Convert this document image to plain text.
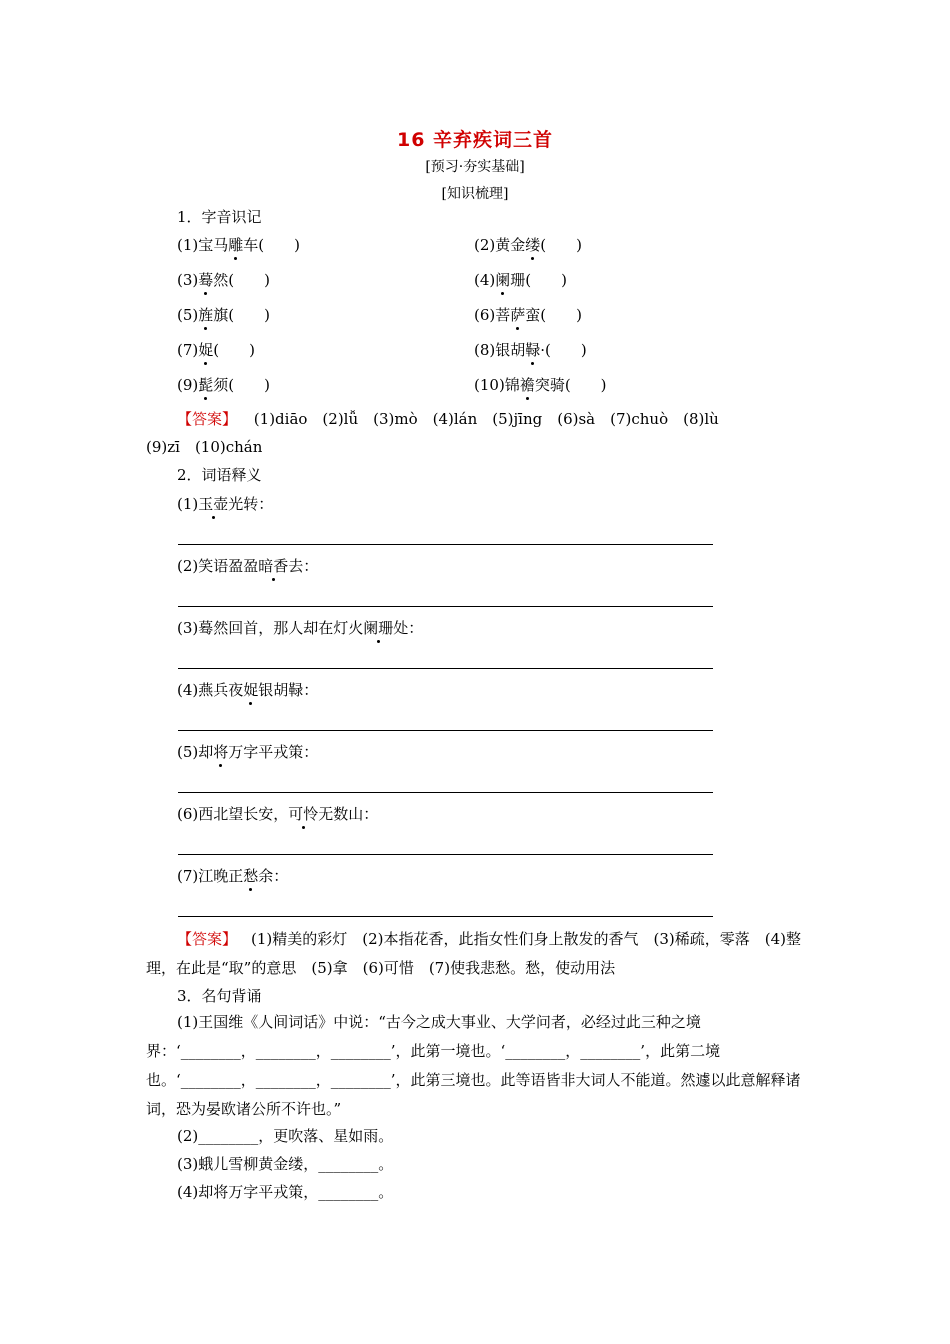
16 辛弃疾词三首
[预习·夯实基础]
[知识梳理]
1．字音识记
(1)宝马雕车(　　)	(2)黄金缕(　　)
(3)蓦然(　　)	(4)阑珊(　　)
(5)旌旗(　　)	(6)菩萨蛮(　　)
(7)娖(　　)	(8)银胡䩮·(　　)
(9)髭须(　　)	(10)锦襜突骑(　　)
【答案】 (1)diāo　(2)lǚ　(3)mò　(4)lán　(5)jīng　(6)sà　(7)chuò　(8)lù
(9)zī　(10)chán
2．词语释义
(1)玉壶光转：
(2)笑语盈盈暗香去：
(3)蓦然回首，那人却在灯火阑珊处：
(4)燕兵夜娖银胡䩮：
(5)却将万字平戎策：
(6)西北望长安，可怜无数山：
(7)江晚正愁余：
【答案】 (1)精美的彩灯　(2)本指花香，此指女性们身上散发的香气　(3)稀疏，零落　(4)整理，在此是“取”的意思　(5)拿　(6)可惜　(7)使我悲愁。愁，使动用法
3．名句背诵
(1)王国维《人间词话》中说：“古今之成大事业、大学问者，必经过此三种之境界：‘________，________，________’，此第一境也。‘________，________’，此第二境也。‘________，________，________’，此第三境也。此等语皆非大词人不能道。然遽以此意解释诸词，恐为晏欧诸公所不许也。”
(2)________，更吹落、星如雨。
(3)蛾儿雪柳黄金缕，________。
(4)却将万字平戎策，________。
